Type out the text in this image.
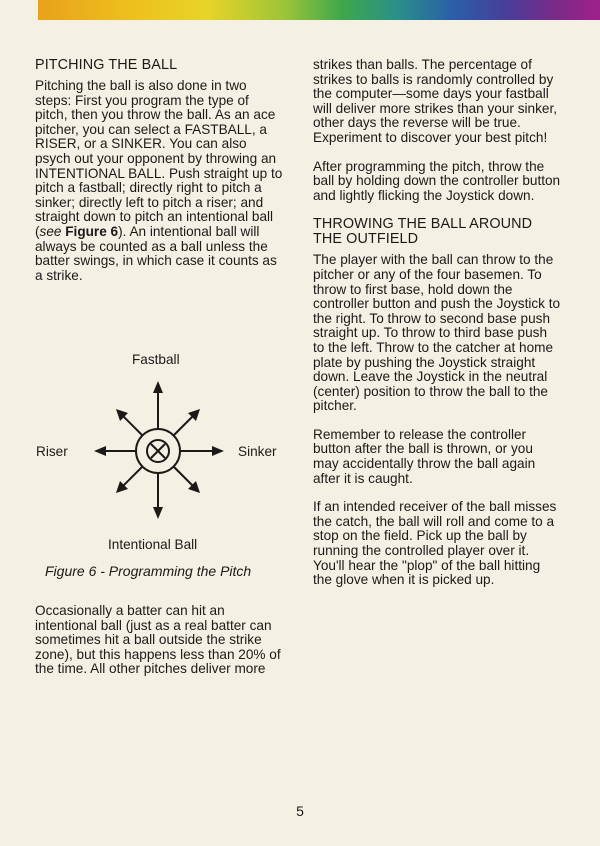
PITCHING THE BALL

Pitching the ball is also done in two steps: First you program the type of pitch, then you throw the ball. As an ace pitcher, you can select a FASTBALL, a RISER, or a SINKER. You can also psych out your opponent by throwing an INTENTIONAL BALL. Push straight up to pitch a fastball; directly right to pitch a sinker; directly left to pitch a riser; and straight down to pitch an intentional ball (see Figure 6). An intentional ball will always be counted as a ball unless the batter swings, in which case it counts as a strike.

Fastball
Riser	Sinker
Intentional Ball
Figure 6 - Programming the Pitch

Occasionally a batter can hit an intentional ball (just as a real batter can sometimes hit a ball outside the strike zone), but this happens less than 20% of the time. All other pitches deliver more

strikes than balls. The percentage of strikes to balls is randomly controlled by the computer—some days your fastball will deliver more strikes than your sinker, other days the reverse will be true. Experiment to discover your best pitch!

After programming the pitch, throw the ball by holding down the controller button and lightly flicking the Joystick down.

THROWING THE BALL AROUND THE OUTFIELD

The player with the ball can throw to the pitcher or any of the four basemen. To throw to first base, hold down the controller button and push the Joystick to the right. To throw to second base push straight up. To throw to third base push to the left. Throw to the catcher at home plate by pushing the Joystick straight down. Leave the Joystick in the neutral (center) position to throw the ball to the pitcher.

Remember to release the controller button after the ball is thrown, or you may accidentally throw the ball again after it is caught.

If an intended receiver of the ball misses the catch, the ball will roll and come to a stop on the field. Pick up the ball by running the controlled player over it. You'll hear the "plop" of the ball hitting the glove when it is picked up.

5
